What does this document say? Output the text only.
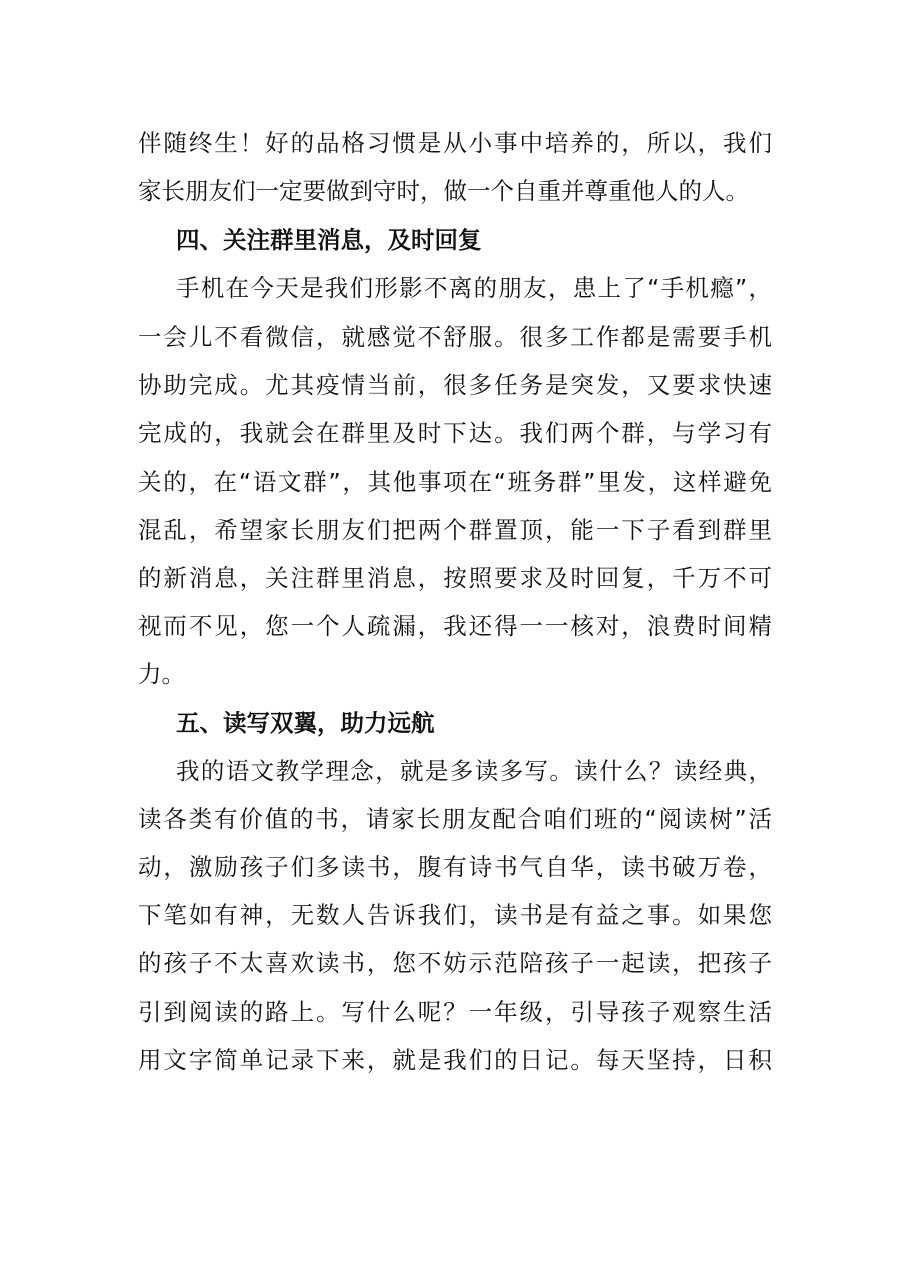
伴随终生！好的品格习惯是从小事中培养的，所以，我们
家长朋友们一定要做到守时，做一个自重并尊重他人的人。
四、关注群里消息，及时回复
手机在今天是我们形影不离的朋友，患上了“手机瘾”，
一会儿不看微信，就感觉不舒服。很多工作都是需要手机
协助完成。尤其疫情当前，很多任务是突发，又要求快速
完成的，我就会在群里及时下达。我们两个群，与学习有
关的，在“语文群”，其他事项在“班务群”里发，这样避免
混乱，希望家长朋友们把两个群置顶，能一下子看到群里
的新消息，关注群里消息，按照要求及时回复，千万不可
视而不见，您一个人疏漏，我还得一一核对，浪费时间精
力。
五、读写双翼，助力远航
我的语文教学理念，就是多读多写。读什么？读经典，
读各类有价值的书，请家长朋友配合咱们班的“阅读树”活
动，激励孩子们多读书，腹有诗书气自华，读书破万卷，
下笔如有神，无数人告诉我们，读书是有益之事。如果您
的孩子不太喜欢读书，您不妨示范陪孩子一起读，把孩子
引到阅读的路上。写什么呢？一年级，引导孩子观察生活
用文字简单记录下来，就是我们的日记。每天坚持，日积
